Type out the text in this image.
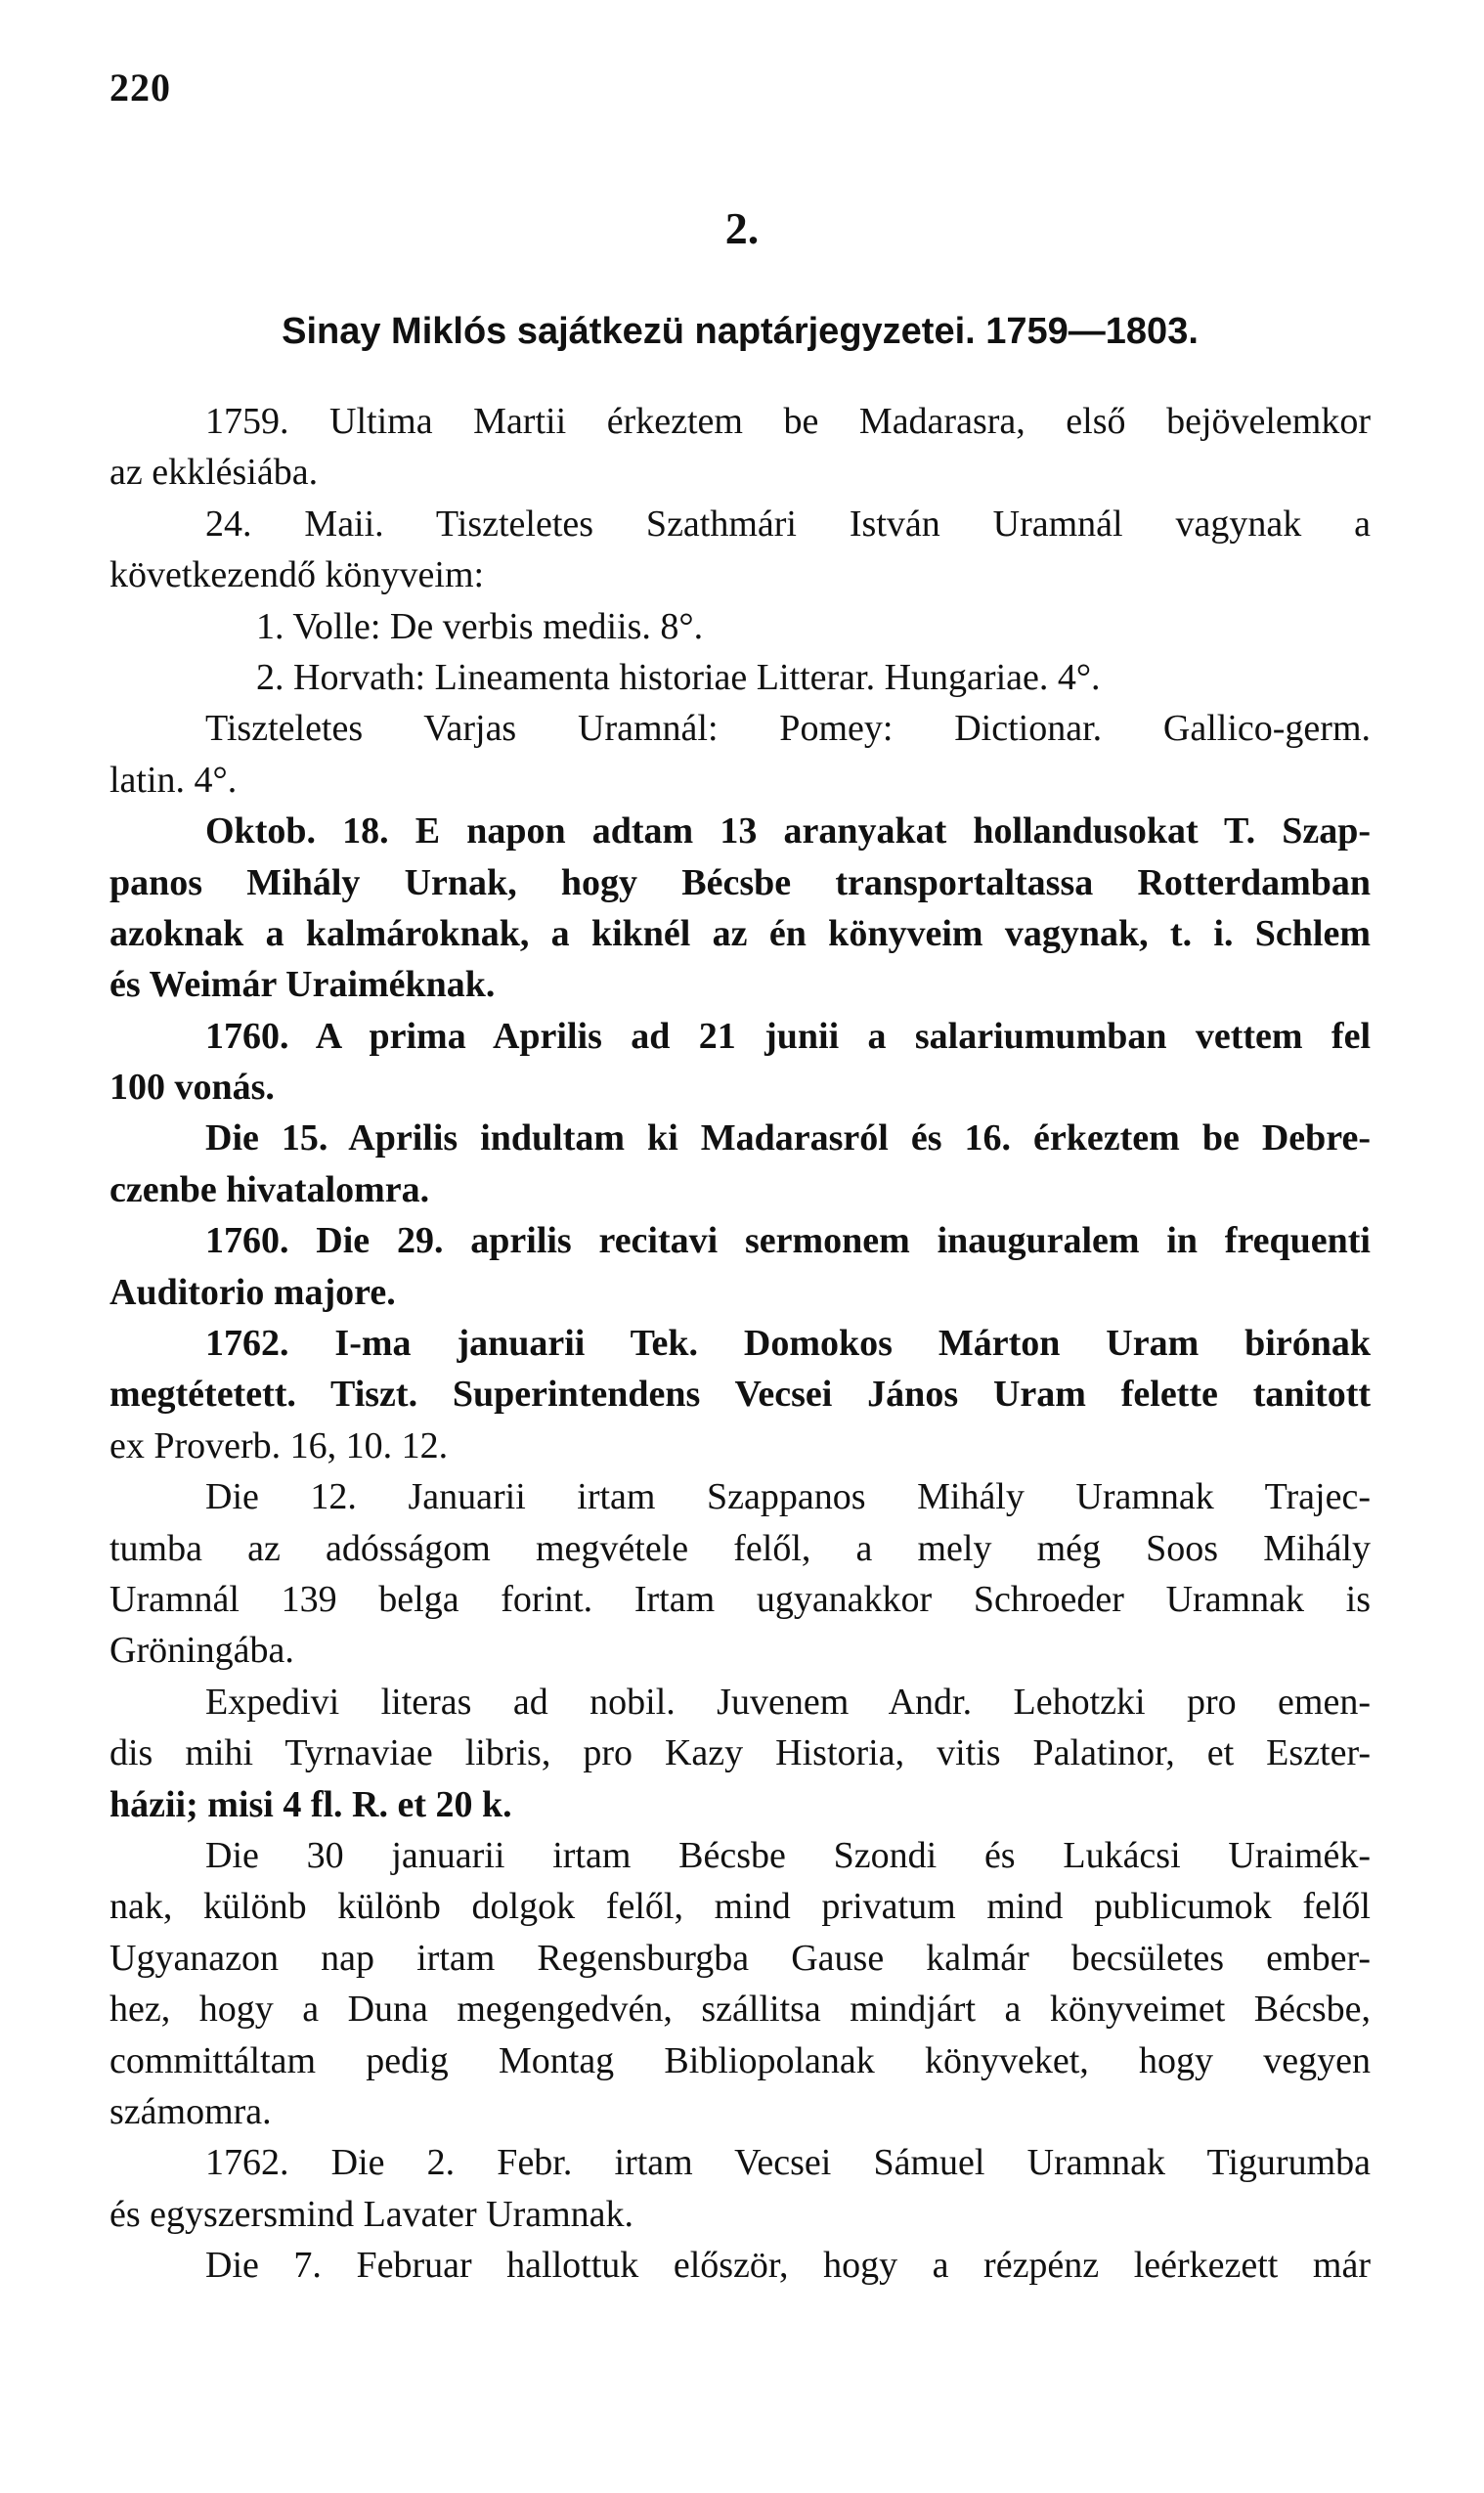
220
2.
Sinay Miklós sajátkezü naptárjegyzetei. 1759—1803.
1759. Ultima Martii érkeztem be Madarasra, első bejövelemkor
az ekklésiába.
24. Maii. Tiszteletes Szathmári István Uramnál vagynak a
következendő könyveim:
1. Volle: De verbis mediis. 8°.
2. Horvath: Lineamenta historiae Litterar. Hungariae. 4°.
Tiszteletes Varjas Uramnál: Pomey: Dictionar. Gallico-germ.
latin. 4°.
Oktob. 18. E napon adtam 13 aranyakat hollandusokat T. Szap-
panos Mihály Urnak, hogy Bécsbe transportaltassa Rotterdamban
azoknak a kalmároknak, a kiknél az én könyveim vagynak, t. i. Schlem
és Weimár Uraiméknak.
1760. A prima Aprilis ad 21 junii a salariumumban vettem fel
100 vonás.
Die 15. Aprilis indultam ki Madarasról és 16. érkeztem be Debre-
czenbe hivatalomra.
1760. Die 29. aprilis recitavi sermonem inauguralem in frequenti
Auditorio majore.
1762. I-ma januarii Tek. Domokos Márton Uram birónak
megtétetett. Tiszt. Superintendens Vecsei János Uram felette tanitott
ex Proverb. 16, 10. 12.
Die 12. Januarii irtam Szappanos Mihály Uramnak Trajec-
tumba az adósságom megvétele felől, a mely még Soos Mihály
Uramnál 139 belga forint. Irtam ugyanakkor Schroeder Uramnak is
Gröningába.
Expedivi literas ad nobil. Juvenem Andr. Lehotzki pro emen-
dis mihi Tyrnaviae libris, pro Kazy Historia, vitis Palatinor, et Eszter-
házii; misi 4 fl. R. et 20 k.
Die 30 januarii irtam Bécsbe Szondi és Lukácsi Uraimék-
nak, különb különb dolgok felől, mind privatum mind publicumok felől
Ugyanazon nap irtam Regensburgba Gause kalmár becsületes ember-
hez, hogy a Duna megengedvén, szállitsa mindjárt a könyveimet Bécsbe,
committáltam pedig Montag Bibliopolanak könyveket, hogy vegyen
számomra.
1762. Die 2. Febr. irtam Vecsei Sámuel Uramnak Tigurumba
és egyszersmind Lavater Uramnak.
Die 7. Februar hallottuk először, hogy a rézpénz leérkezett már
